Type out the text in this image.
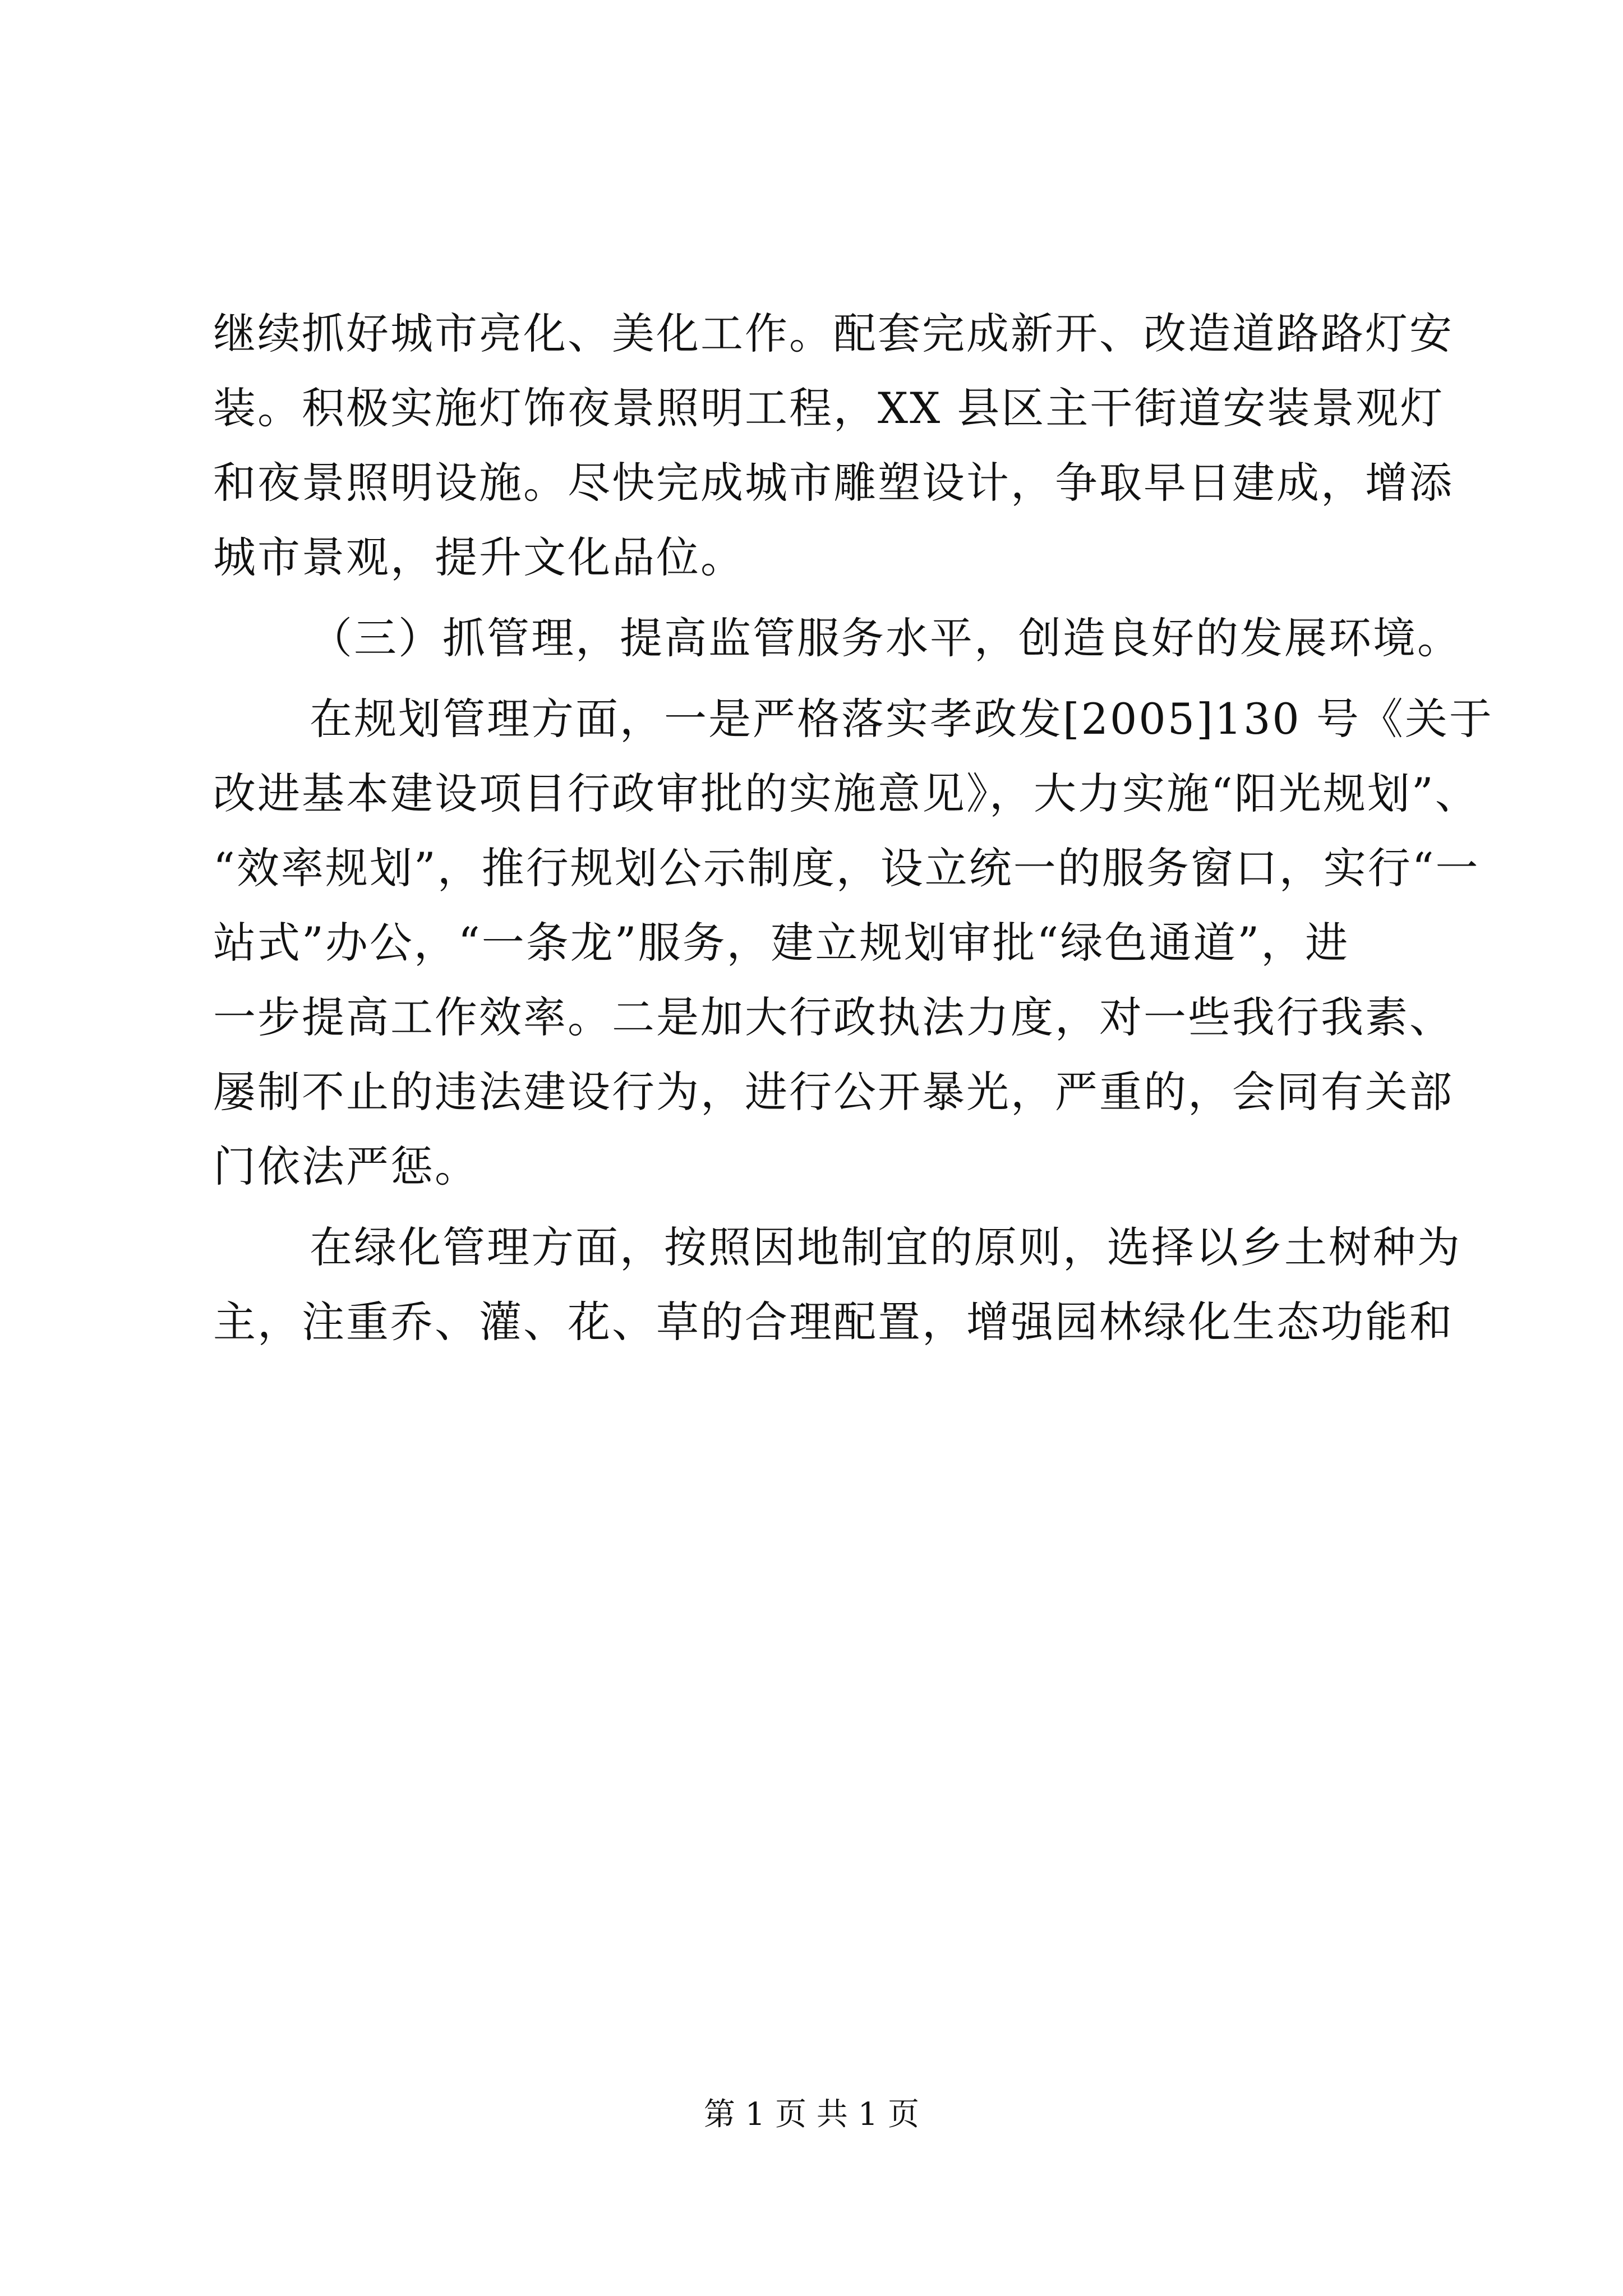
继续抓好城市亮化、美化工作。配套完成新开、改造道路路灯安
装。积极实施灯饰夜景照明工程，XX 县区主干街道安装景观灯
和夜景照明设施。尽快完成城市雕塑设计，争取早日建成，增添
城市景观，提升文化品位。
（三）抓管理，提高监管服务水平，创造良好的发展环境。
在规划管理方面，一是严格落实孝政发[2005]130 号《关于
改进基本建设项目行政审批的实施意见》，大力实施“阳光规划”、
“效率规划”，推行规划公示制度，设立统一的服务窗口，实行“一
站式”办公，“一条龙”服务，建立规划审批“绿色通道”，进
一步提高工作效率。二是加大行政执法力度，对一些我行我素、
屡制不止的违法建设行为，进行公开暴光，严重的，会同有关部
门依法严惩。
在绿化管理方面，按照因地制宜的原则，选择以乡土树种为
主，注重乔、灌、花、草的合理配置，增强园林绿化生态功能和
第 1 页 共 1 页
